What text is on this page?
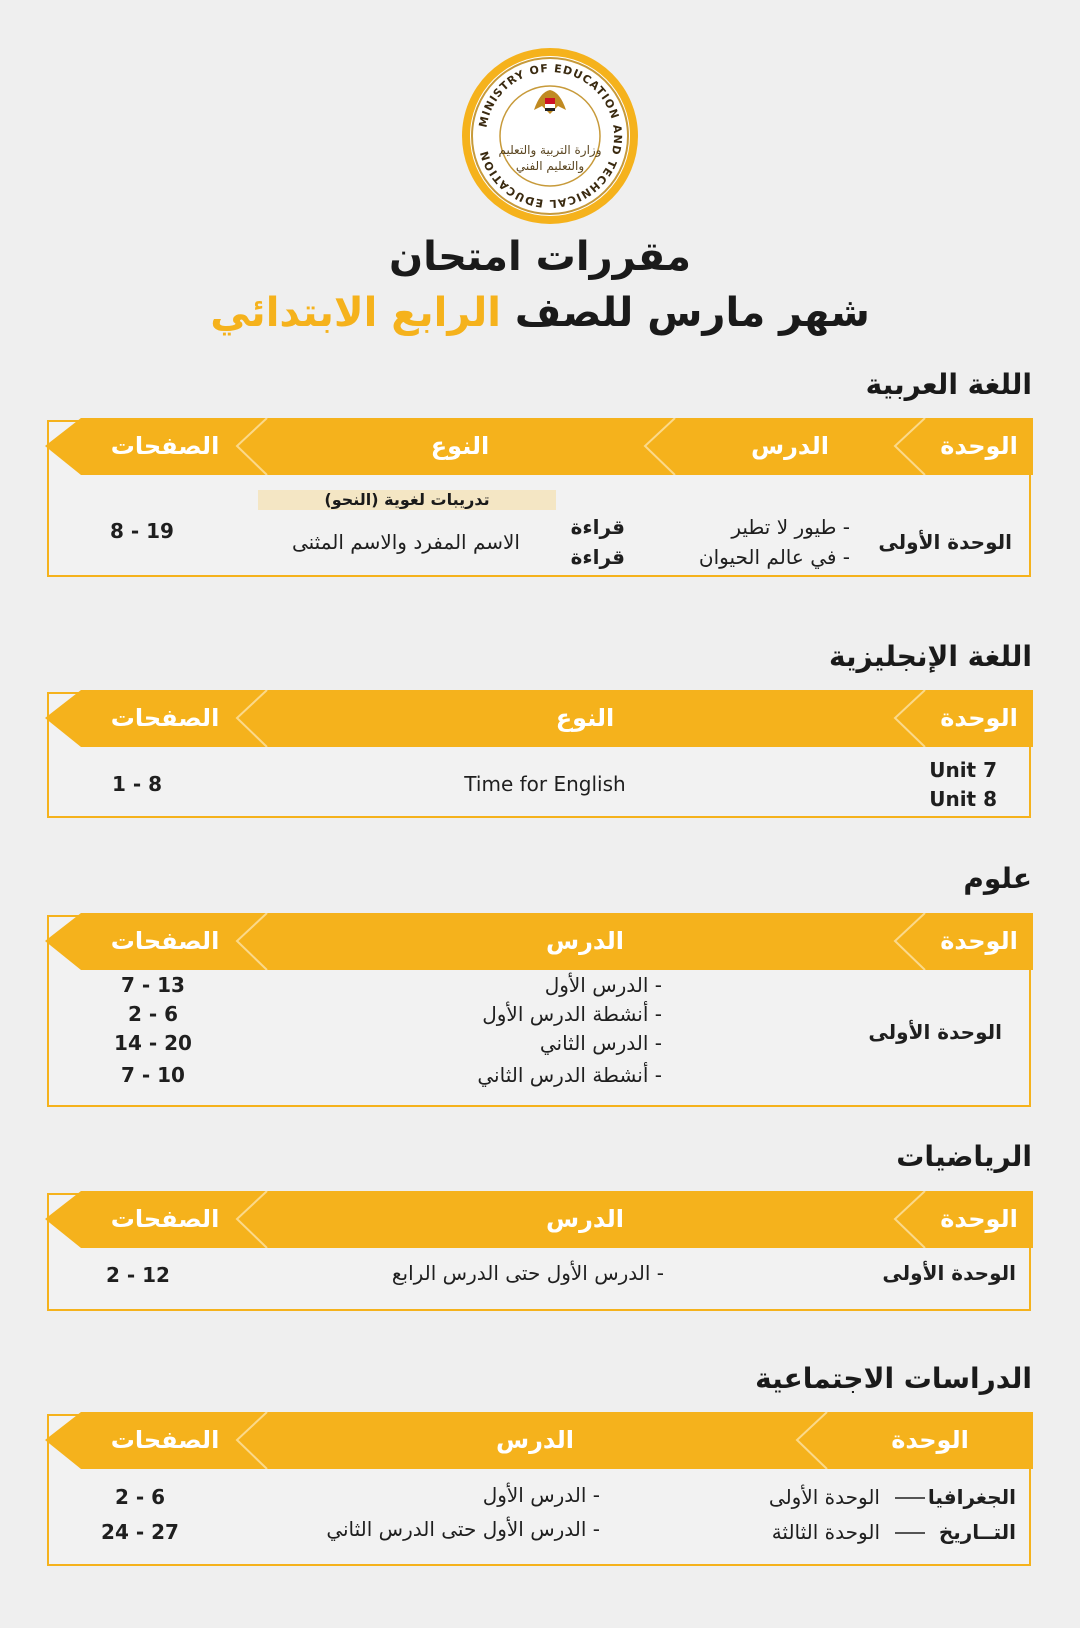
MINISTRY OF EDUCATION AND TECHNICAL EDUCATION وزارة التربية والتعليم
والتعليم الفني
مقررات امتحان
شهر مارس للصف الرابع الابتدائي
اللغة العربية
الوحدة
الدرس
النوع
الصفحات
الوحدة الأولى
- طيور لا تطير
- في عالم الحيوان
قراءة
قراءة
تدريبات لغوية (النحو)
الاسم المفرد والاسم المثنى
8 - 19
اللغة الإنجليزية
الوحدة
النوع
الصفحات
Unit 7
Unit 8
Time for English
1 - 8
علوم
الوحدة
الدرس
الصفحات
الوحدة الأولى
- الدرس الأول
- أنشطة الدرس الأول
- الدرس الثاني
- أنشطة الدرس الثاني
7 - 13
2 - 6
14 - 20
7 - 10
الرياضيات
الوحدة
الدرس
الصفحات
الوحدة الأولى
- الدرس الأول حتى الدرس الرابع
2 - 12
الدراسات الاجتماعية
الوحدة
الدرس
الصفحات
الجغرافيا
الوحدة الأولى
- الدرس الأول
2 - 6
التــاريخ
الوحدة الثالثة
- الدرس الأول حتى الدرس الثاني
24 - 27
